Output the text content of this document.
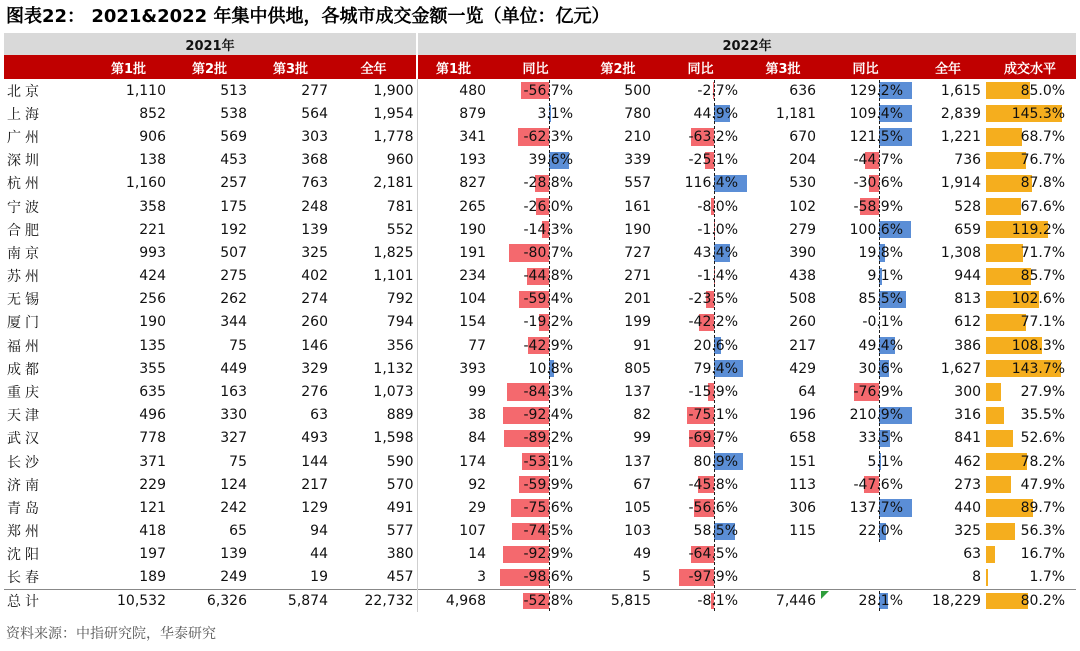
图表22： 2021&2022 年集中供地，各城市成交金额一览（单位：亿元）
2021年					2022年							
	第1批	第2批	第3批	全年	第1批	同比	第2批	同比	第3批	同比	全年	成交水平
北京	1,110	513	277	1,900	480	-56.7%	500	-2.7%	636	129.2%	1,615	85.0%

上海	852	538	564	1,954	879	3.1%	780	44.9%	1,181	109.4%	2,839	145.3%

广州	906	569	303	1,778	341	-62.3%	210	-63.2%	670	121.5%	1,221	68.7%

深圳	138	453	368	960	193	39.6%	339	-25.1%	204	-44.7%	736	76.7%

杭州	1,160	257	763	2,181	827	-28.8%	557	116.4%	530	-30.6%	1,914	87.8%

宁波	358	175	248	781	265	-26.0%	161	-8.0%	102	-58.9%	528	67.6%

合肥	221	192	139	552	190	-14.3%	190	-1.0%	279	100.6%	659	119.2%

南京	993	507	325	1,825	191	-80.7%	727	43.4%	390	19.8%	1,308	71.7%

苏州	424	275	402	1,101	234	-44.8%	271	-1.4%	438	9.1%	944	85.7%

无锡	256	262	274	792	104	-59.4%	201	-23.5%	508	85.5%	813	102.6%

厦门	190	344	260	794	154	-19.2%	199	-42.2%	260	-0.1%	612	77.1%

福州	135	75	146	356	77	-42.9%	91	20.6%	217	49.4%	386	108.3%

成都	355	449	329	1,132	393	10.8%	805	79.4%	429	30.6%	1,627	143.7%

重庆	635	163	276	1,073	99	-84.3%	137	-15.9%	64	-76.9%	300	27.9%

天津	496	330	63	889	38	-92.4%	82	-75.1%	196	210.9%	316	35.5%

武汉	778	327	493	1,598	84	-89.2%	99	-69.7%	658	33.5%	841	52.6%

长沙	371	75	144	590	174	-53.1%	137	80.9%	151	5.1%	462	78.2%

济南	229	124	217	570	92	-59.9%	67	-45.8%	113	-47.6%	273	47.9%

青岛	121	242	129	491	29	-75.6%	105	-56.6%	306	137.7%	440	89.7%

郑州	418	65	94	577	107	-74.5%	103	58.5%	115	22.0%	325	56.3%

沈阳	197	139	44	380	14	-92.9%	49	-64.5%			63	16.7%

长春	189	249	19	457	3	-98.6%	5	-97.9%			8	1.7%

总计	10,532	6,326	5,874	22,732	4,968	-52.8%	5,815	-8.1%	7,446	28.1%	18,229	80.2%
资料来源：中指研究院，华泰研究
